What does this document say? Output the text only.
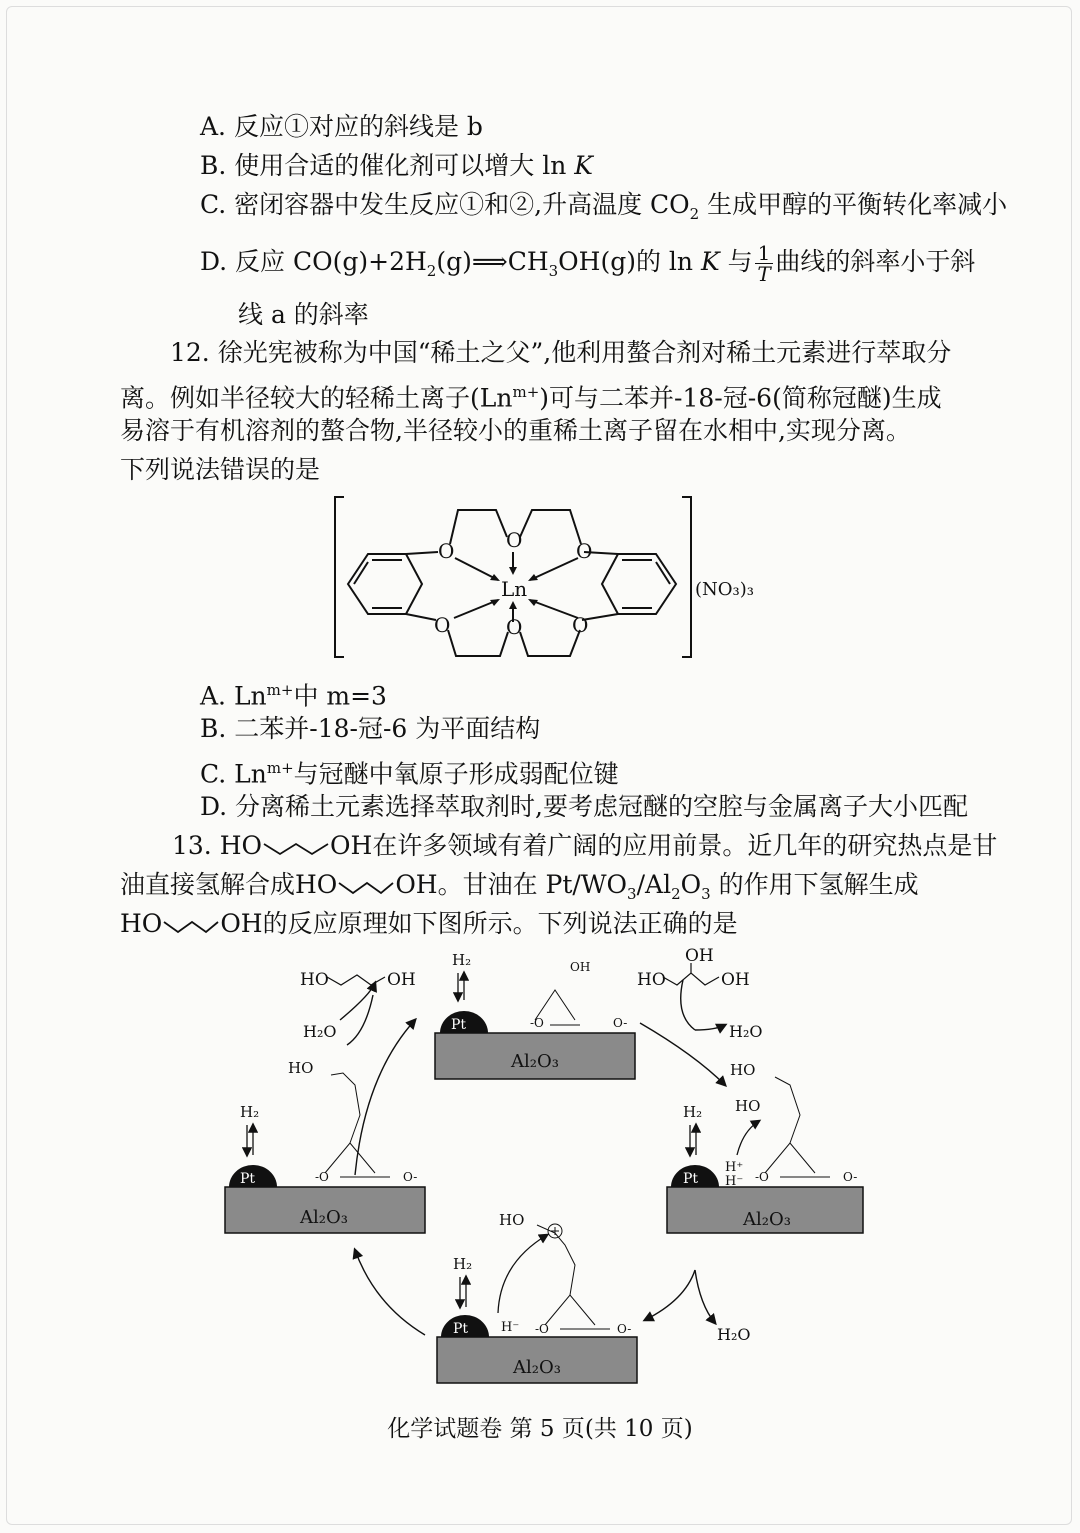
A. 反应①对应的斜线是 b
B. 使用合适的催化剂可以增大 ln K
C. 密闭容器中发生反应①和②,升高温度 $CO_2$ 生成甲醇的平衡转化率减小
D. 反应 $CO(g)+2H_2(g)⟹CH_3OH(g)$的 ln K 与 $\frac{1}{T}$ 曲线的斜率小于斜
线 a 的斜率
12. 徐光宪被称为中国“稀土之父”,他利用螯合剂对稀土元素进行萃取分
离。例如半径较大的轻稀土离子$(Ln^{m+})$可与二苯并-18-冠-6(简称冠醚)生成
易溶于有机溶剂的螯合物,半径较小的重稀土离子留在水相中,实现分离。
下列说法错误的是
O	O	O
O	O O
Ln	(NO₃)₃
A. $Ln^{m+}$中 m=3
B. 二苯并-18-冠-6 为平面结构
C. $Ln^{m+}$与冠醚中氧原子形成弱配位键
D. 分离稀土元素选择萃取剂时,要考虑冠醚的空腔与金属离子大小匹配
13. HO	OH在许多领域有着广阔的应用前景。近几年的研究热点是甘
油直接氢解合成HO OH。甘油在 $Pt/WO_3/Al_2O_3$ 的作用下氢解生成
HO OH的反应原理如下图所示。下列说法正确的是
Pt
Al₂O₃
H₂	OH
-O	O-
Pt
Al₂O₃
H₂
HO
-O	O-	Pt
Al₂O₃
H₂
H⁺
H⁻
HO
HO
-O	O-
Pt
Al₂O₃
H₂
H⁻
HO
-O	O-
HO	OH
H₂O
HO
OH
OH
H₂O
H₂O
化学试题卷 第 5 页(共 10 页)
